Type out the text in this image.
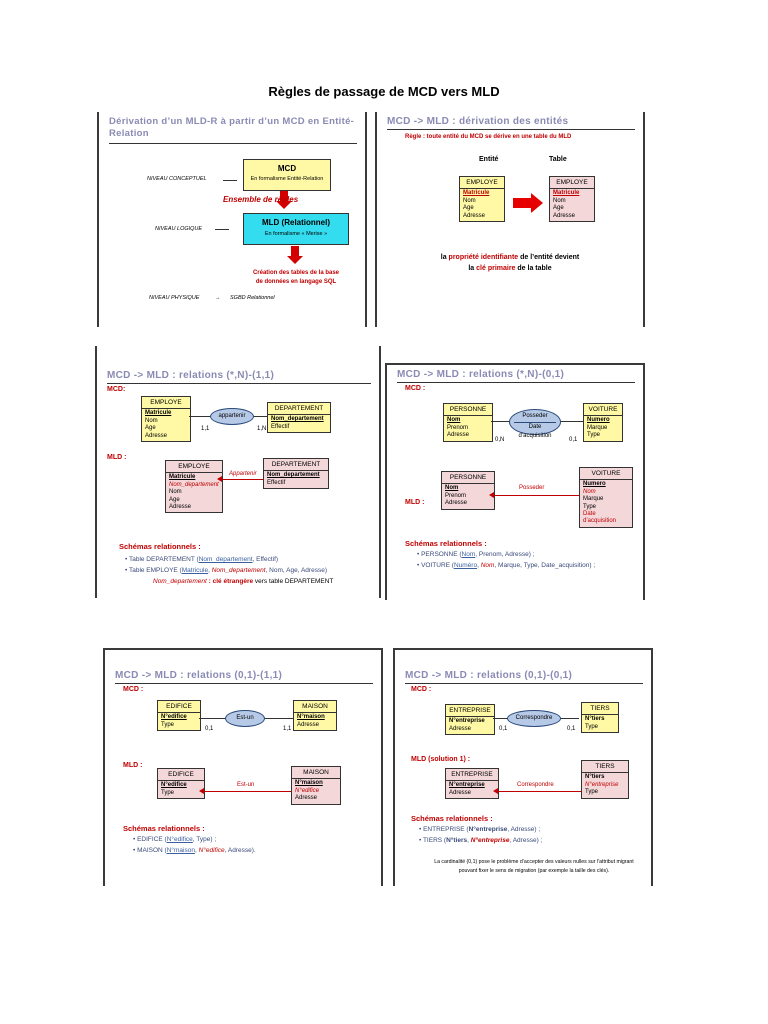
Règles de passage de MCD vers MLD
Dérivation d’un MLD-R à partir d’un MCD en Entité-
Relation
NIVEAU CONCEPTUEL
MCD
En formalisme Entité-Relation
Ensemble de règles
NIVEAU LOGIQUE
MLD (Relationnel)
En formalisme « Merise »
Création des tables de la base
de données en langage SQL
NIVEAU PHYSIQUE	→ SGBD Relationnel
MCD -> MLD : dérivation des entités
Règle : toute entité du MCD se dérive en une table du MLD
Entité	Table
EMPLOYE
Matricule
Nom
Age
Adresse
EMPLOYE
Matricule
Nom
Age
Adresse
la propriété identifiante de l’entité devient
la clé primaire de la table
MCD -> MLD : relations (*,N)-(1,1)
MCD:
EMPLOYE
Matricule
Nom
Age
Adresse
appartenir
1,1	1,N
DEPARTEMENT
Nom_departement
Effectif
MLD :
EMPLOYE
Matricule
Nom_departement
Nom
Age
Adresse
Appartenir
DEPARTEMENT
Nom_departement
Effectif
Schémas relationnels :
• Table DEPARTEMENT (Nom_departement, Effectif)
• Table EMPLOYE (Matricule, Nom_departement, Nom, Age, Adresse)
Nom_departement : clé étrangère vers table DEPARTEMENT
MCD -> MLD : relations (*,N)-(0,1)
MCD :
PERSONNE
Nom
Prenom
Adresse
Posseder
Date d’acquisition
0,N	0,1
VOITURE
Numero
Marque
Type
PERSONNE
Nom
Prenom
Adresse
MLD :
Posseder
VOITURE
Numero
Nom
Marque
Type
Date d’acquisition
Schémas relationnels :
• PERSONNE (Nom, Prenom, Adresse) ;
• VOITURE (Numéro, Nom, Marque, Type, Date_acquisition) ;
MCD -> MLD : relations (0,1)-(1,1)
MCD :
EDIFICE
N°edifice
Type
Est-un
0,1	1,1
MAISON
N°maison
Adresse
MLD :
EDIFICE
N°edifice
Type
Est-un
MAISON
N°maison
N°edifice
Adresse
Schémas relationnels :
• EDIFICE (N°edifice, Type) ;
• MAISON (N°maison, N°edifice, Adresse).
MCD -> MLD : relations (0,1)-(0,1)
MCD :
ENTREPRISE
N°entreprise
Adresse
Correspondre
0,1	0,1
TIERS
N°tiers
Type
MLD (solution 1) :
ENTREPRISE
N°entreprise
Adresse
Correspondre
TIERS
N°tiers
N°entreprise
Type
Schémas relationnels :
• ENTREPRISE (N°entreprise, Adresse) ;
• TIERS (N°tiers, N°entreprise, Adresse) ;
La cardinalité (0,1) pose le problème d’accepter des valeurs nulles sur l’attribut migrant
pouvant fixer le sens de migration (par exemple la taille des clés).
